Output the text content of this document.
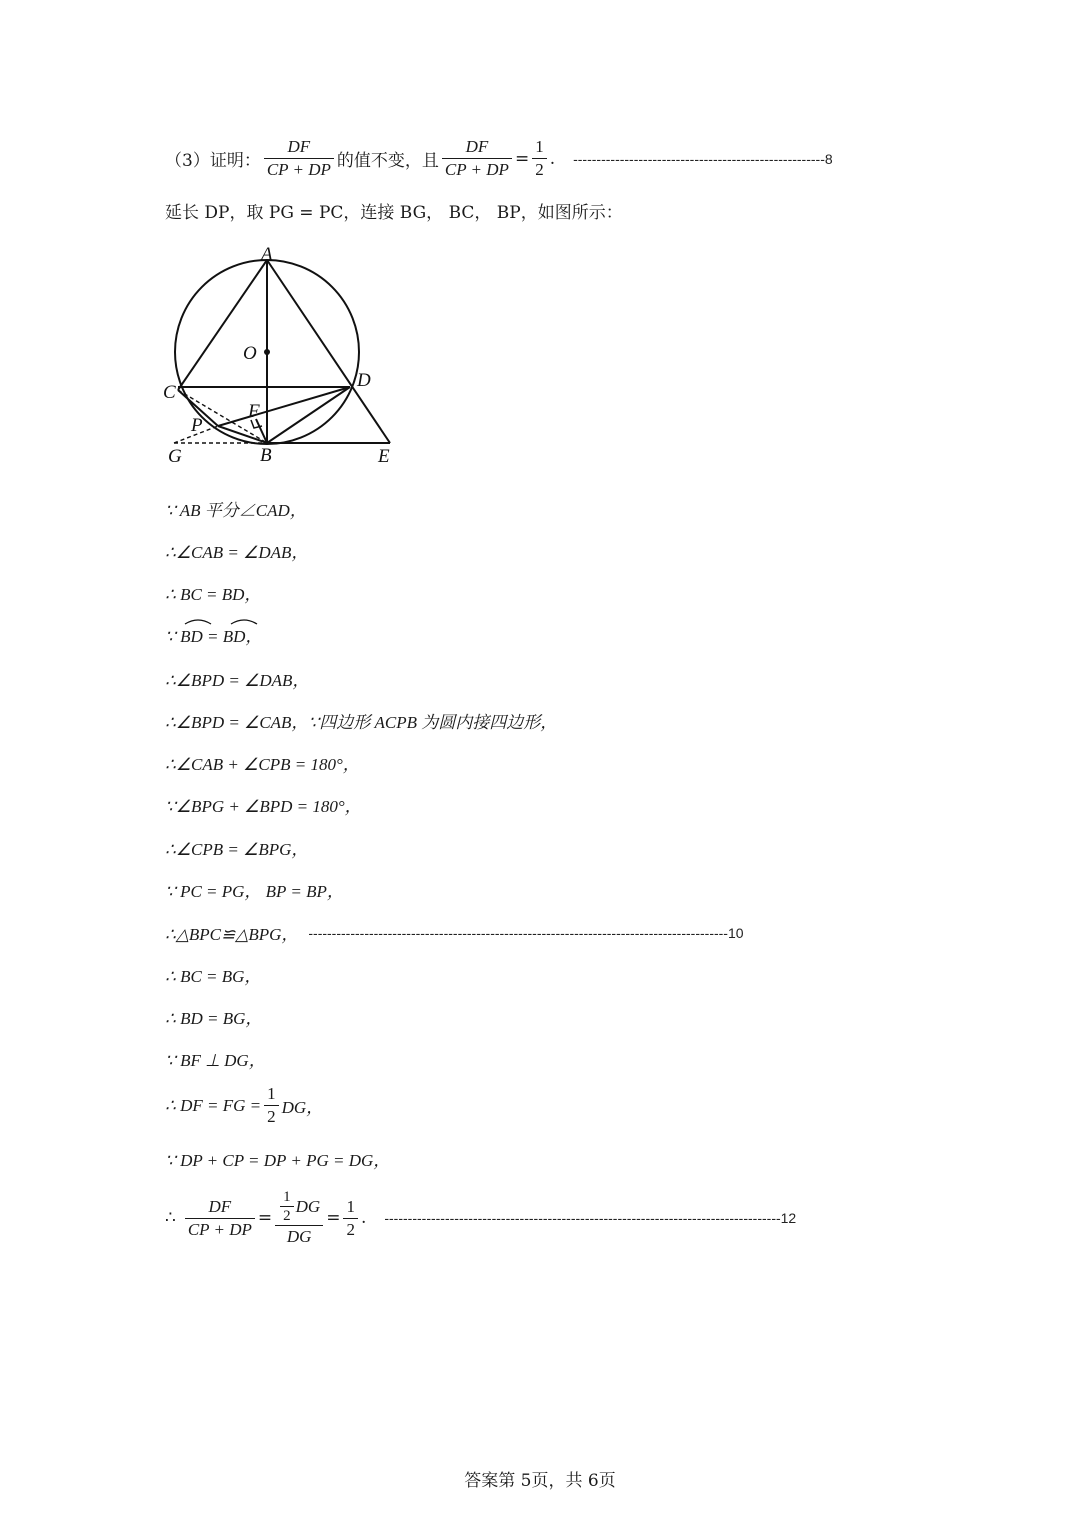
（3）证明： $\frac{DF}{CP + DP}$ 的值不变，且 $\frac{DF}{CP + DP} = \frac{1}{2}$ . ------------------------------------------------------8
延长 DP，取 PG = PC，连接 BG， BC， BP，如图所示：
A
O
C
D
F
P
G	B	E
∵ AB 平分∠CAD，
∴∠CAB = ∠DAB，
∴ BC = BD，
∵ BD = BD，
∴∠BPD = ∠DAB，
∴∠BPD = ∠CAB，∵四边形 ACPB 为圆内接四边形，
∴∠CAB + ∠CPB = 180°，
∵∠BPG + ∠BPD = 180°，
∴∠CPB = ∠BPG，
∵ PC = PG， BP = BP，
∴△BPC≌△BPG， ------------------------------------------------------------------------------------------10
∴ BC = BG，
∴ BD = BG，
∵ BF ⊥ DG，
∴ DF = FG = $\frac{1}{2}$ DG，
∵ DP + CP = DP + PG = DG，
∴ $\frac{DF}{CP + DP} = \frac{\frac{1}{2} DG}{DG} = \frac{1}{2}$ . -------------------------------------------------------------------------------------12
答案第 5页，共 6页
